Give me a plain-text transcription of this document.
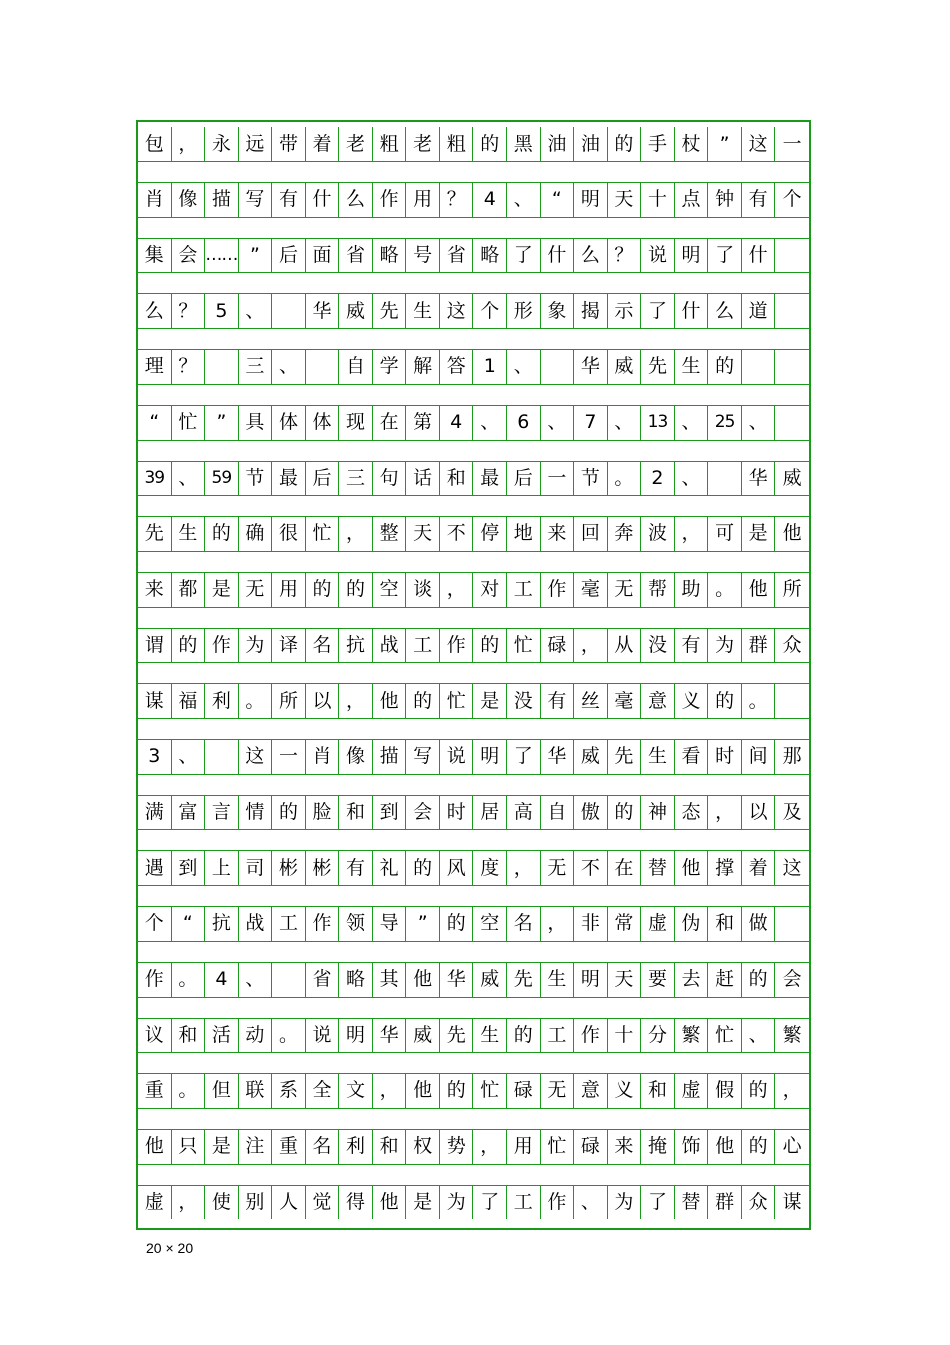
包 ， 永 远 带 着 老 粗 老 粗 的 黑 油 油 的 手 杖	”	这 一
肖 像 描 写 有 什 么 作 用 ？ 4 、	“	明 天 十 点 钟 有 个
集 会 …… ”	后 面 省 略 号 省 略 了 什 么 ？ 说 明 了 什
么 ？ 5 、	华 威 先 生 这 个 形 象 揭 示 了 什 么 道
理 ？	三 、	自 学 解 答 1 、	华 威 先 生 的
“	忙	”	具 体 体 现 在 第 4 、 6 、 7 、 13 、 25 、
39 、 59 节 最 后 三 句 话 和 最 后 一 节 。 2 、	华 威
先 生 的 确 很 忙 ， 整 天 不 停 地 来 回 奔 波 ， 可 是 他
来 都 是 无 用 的 的 空 谈 ， 对 工 作 毫 无 帮 助 。 他 所
谓 的 作 为 译 名 抗 战 工 作 的 忙 碌 ， 从 没 有 为 群 众
谋 福 利 。 所 以 ， 他 的 忙 是 没 有 丝 毫 意 义 的 。
3 、	这 一 肖 像 描 写 说 明 了 华 威 先 生 看 时 间 那
满 富 言 情 的 脸 和 到 会 时 居 高 自 傲 的 神 态 ， 以 及
遇 到 上 司 彬 彬 有 礼 的 风 度 ， 无 不 在 替 他 撑 着 这
个	“	抗 战 工 作 领 导	”	的 空 名 ， 非 常 虚 伪 和 做
作 。 4 、	省 略 其 他 华 威 先 生 明 天 要 去 赶 的 会
议 和 活 动 。 说 明 华 威 先 生 的 工 作 十 分 繁 忙 、 繁
重 。 但 联 系 全 文 ， 他 的 忙 碌 无 意 义 和 虚 假 的 ，
他 只 是 注 重 名 利 和 权 势 ， 用 忙 碌 来 掩 饰 他 的 心
虚 ， 使 别 人 觉 得 他 是 为 了 工 作 、 为 了 替 群 众 谋
20 × 20
